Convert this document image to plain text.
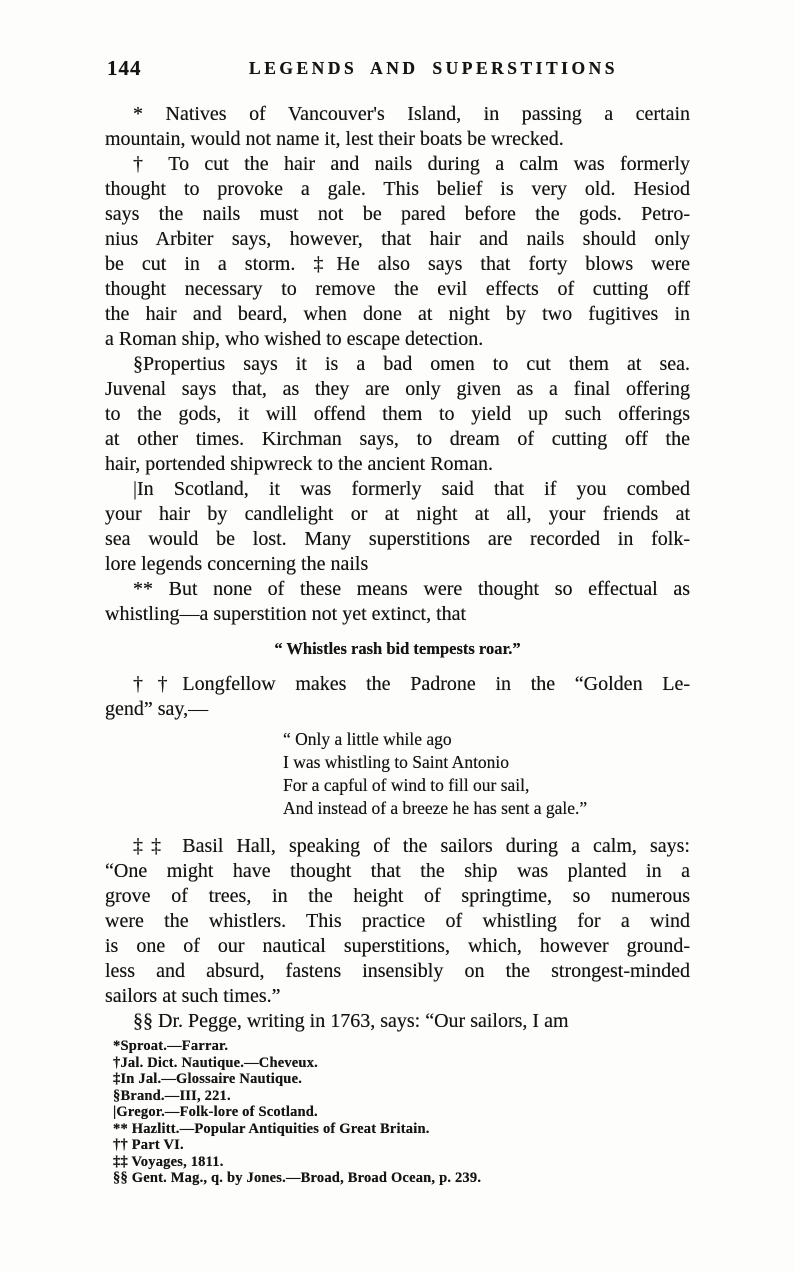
144	LEGENDS AND SUPERSTITIONS
* Natives of Vancouver's Island, in passing a certain
mountain, would not name it, lest their boats be wrecked.
† To cut the hair and nails during a calm was formerly
thought to provoke a gale. This belief is very old. Hesiod
says the nails must not be pared before the gods. Petro-
nius Arbiter says, however, that hair and nails should only
be cut in a storm. ‡He also says that forty blows were
thought necessary to remove the evil effects of cutting off
the hair and beard, when done at night by two fugitives in
a Roman ship, who wished to escape detection.
§Propertius says it is a bad omen to cut them at sea.
Juvenal says that, as they are only given as a final offering
to the gods, it will offend them to yield up such offerings
at other times. Kirchman says, to dream of cutting off the
hair, portended shipwreck to the ancient Roman.
|In Scotland, it was formerly said that if you combed
your hair by candlelight or at night at all, your friends at
sea would be lost. Many superstitions are recorded in folk-
lore legends concerning the nails
** But none of these means were thought so effectual as
whistling—a superstition not yet extinct, that
“ Whistles rash bid tempests roar.”
††Longfellow makes the Padrone in the “Golden Le-
gend” say,—
“ Only a little while ago
I was whistling to Saint Antonio
For a capful of wind to fill our sail,
And instead of a breeze he has sent a gale.”
‡‡ Basil Hall, speaking of the sailors during a calm, says:
“One might have thought that the ship was planted in a
grove of trees, in the height of springtime, so numerous
were the whistlers. This practice of whistling for a wind
is one of our nautical superstitions, which, however ground-
less and absurd, fastens insensibly on the strongest-minded
sailors at such times.”
§§ Dr. Pegge, writing in 1763, says: “Our sailors, I am
*Sproat.—Farrar.
†Jal. Dict. Nautique.—Cheveux.
‡In Jal.—Glossaire Nautique.
§Brand.—III, 221.
|Gregor.—Folk-lore of Scotland.
** Hazlitt.—Popular Antiquities of Great Britain.
†† Part VI.
‡‡ Voyages, 1811.
§§ Gent. Mag., q. by Jones.—Broad, Broad Ocean, p. 239.
